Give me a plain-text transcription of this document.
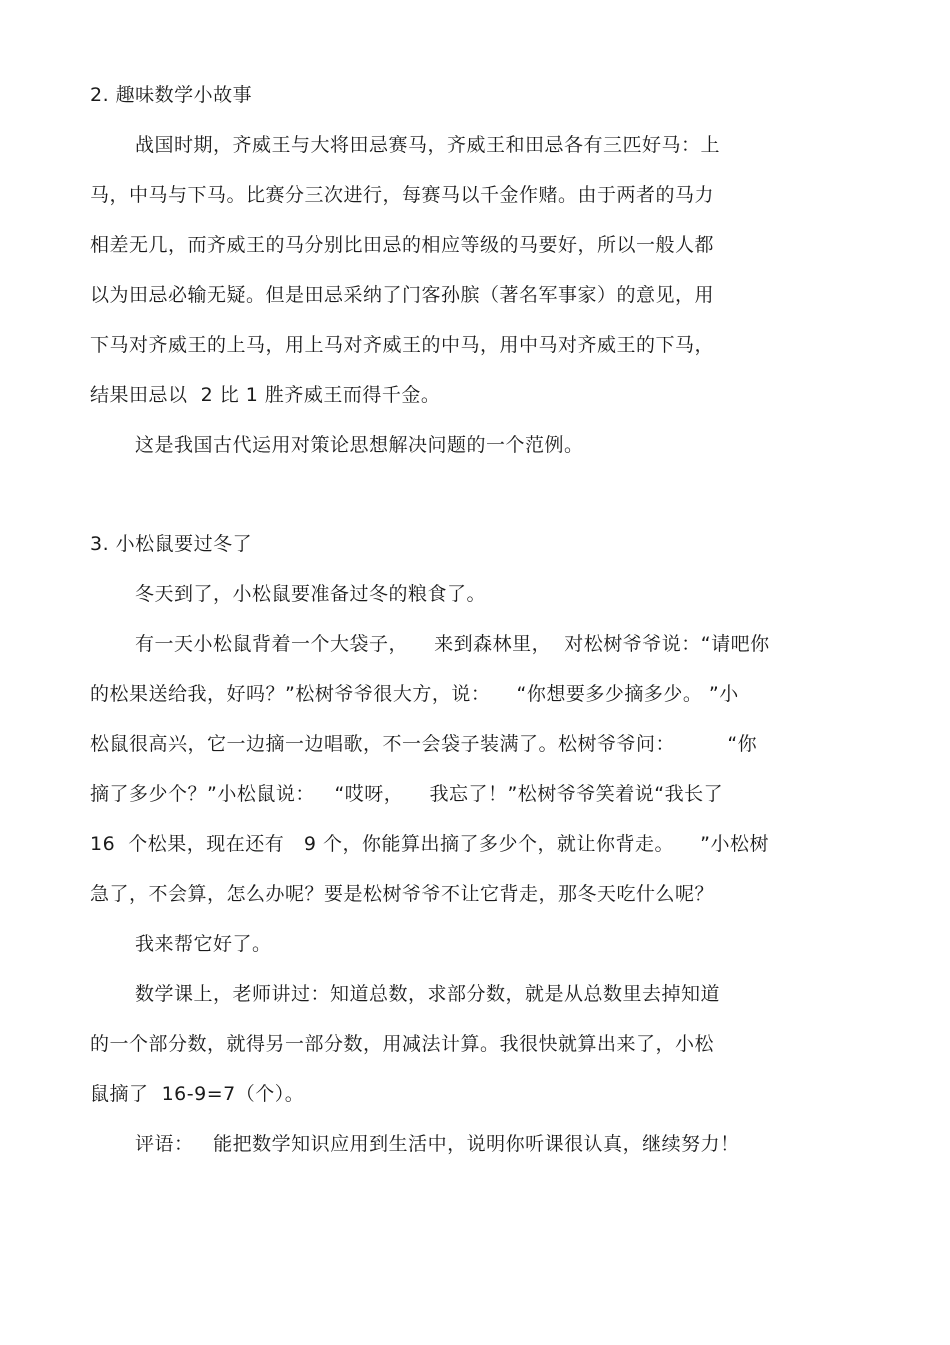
2. 趣味数学小故事
战国时期，齐威王与大将田忌赛马，齐威王和田忌各有三匹好马：上
马，中马与下马。比赛分三次进行，每赛马以千金作赌。由于两者的马力
相差无几，而齐威王的马分别比田忌的相应等级的马要好，所以一般人都
以为田忌必输无疑。但是田忌采纳了门客孙膑（著名军事家）的意见，用
下马对齐威王的上马，用上马对齐威王的中马，用中马对齐威王的下马，
结果田忌以  2 比 1 胜齐威王而得千金。
这是我国古代运用对策论思想解决问题的一个范例。
3. 小松鼠要过冬了
冬天到了，小松鼠要准备过冬的粮食了。
有一天小松鼠背着一个大袋子，    来到森林里，  对松树爷爷说：“请吧你
的松果送给我，好吗？”松树爷爷很大方，说：    “你想要多少摘多少。 ”小
松鼠很高兴，它一边摘一边唱歌，不一会袋子装满了。松树爷爷问：        “你
摘了多少个？”小松鼠说：   “哎呀，    我忘了！”松树爷爷笑着说“我长了
16  个松果，现在还有   9 个，你能算出摘了多少个，就让你背走。    ”小松树
急了，不会算，怎么办呢？要是松树爷爷不让它背走，那冬天吃什么呢？
我来帮它好了。
数学课上，老师讲过：知道总数，求部分数，就是从总数里去掉知道
的一个部分数，就得另一部分数，用减法计算。我很快就算出来了，小松
鼠摘了  16-9=7（个）。
评语：   能把数学知识应用到生活中，说明你听课很认真，继续努力！
